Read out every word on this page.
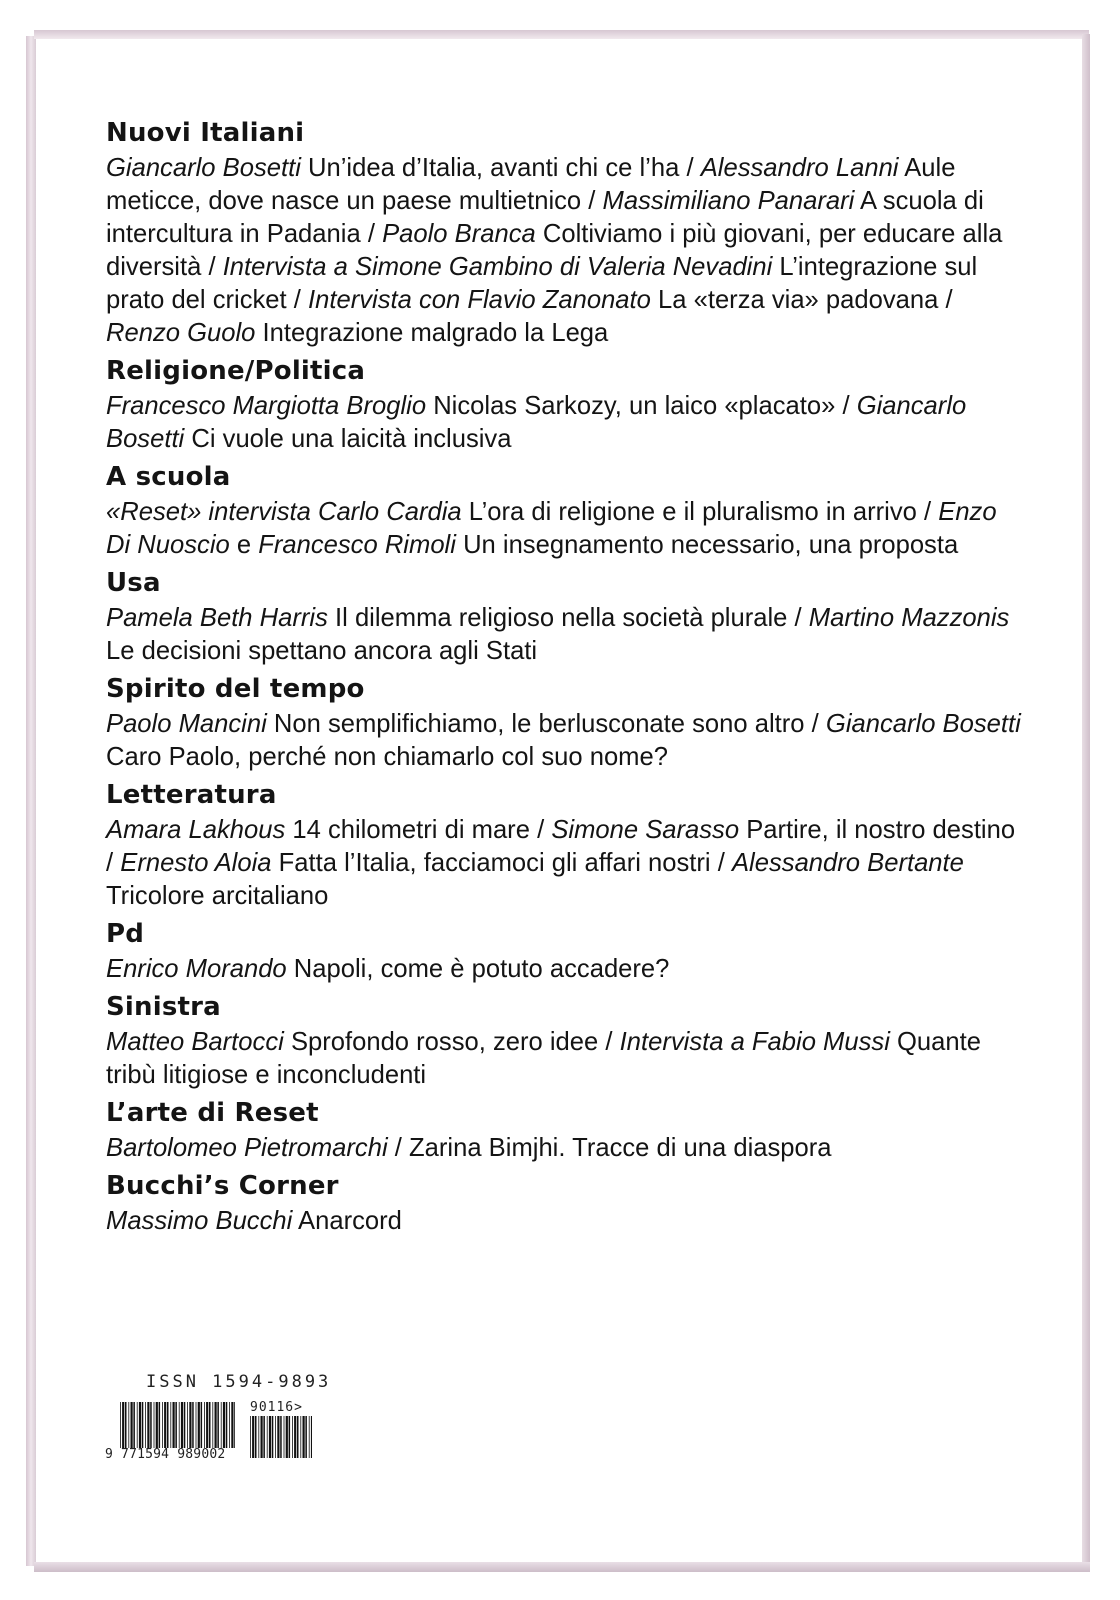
Nuovi Italiani
Giancarlo Bosetti Un’idea d’Italia, avanti chi ce l’ha / Alessandro Lanni Aule meticce, dove nasce un paese multietnico / Massimiliano Panarari A scuola di intercultura in Padania / Paolo Branca Coltiviamo i più giovani, per educare alla diversità / Intervista a Simone Gambino di Valeria Nevadini L’integrazione sul prato del cricket / Intervista con Flavio Zanonato La «terza via» padovana / Renzo Guolo Integrazione malgrado la Lega
Religione/Politica
Francesco Margiotta Broglio Nicolas Sarkozy, un laico «placato» / Giancarlo Bosetti Ci vuole una laicità inclusiva
A scuola
«Reset» intervista Carlo Cardia L’ora di religione e il pluralismo in arrivo / Enzo Di Nuoscio e Francesco Rimoli Un insegnamento necessario, una proposta
Usa
Pamela Beth Harris Il dilemma religioso nella società plurale / Martino Mazzonis Le decisioni spettano ancora agli Stati
Spirito del tempo
Paolo Mancini Non semplifichiamo, le berlusconate sono altro / Giancarlo Bosetti Caro Paolo, perché non chiamarlo col suo nome?
Letteratura
Amara Lakhous 14 chilometri di mare / Simone Sarasso Partire, il nostro destino / Ernesto Aloia Fatta l’Italia, facciamoci gli affari nostri / Alessandro Bertante Tricolore arcitaliano
Pd
Enrico Morando Napoli, come è potuto accadere?
Sinistra
Matteo Bartocci Sprofondo rosso, zero idee / Intervista a Fabio Mussi Quante tribù litigiose e inconcludenti
L’arte di Reset
Bartolomeo Pietromarchi / Zarina Bimjhi. Tracce di una diaspora
Bucchi’s Corner
Massimo Bucchi Anarcord
ISSN 1594-9893
9 771594 989002
90116>
